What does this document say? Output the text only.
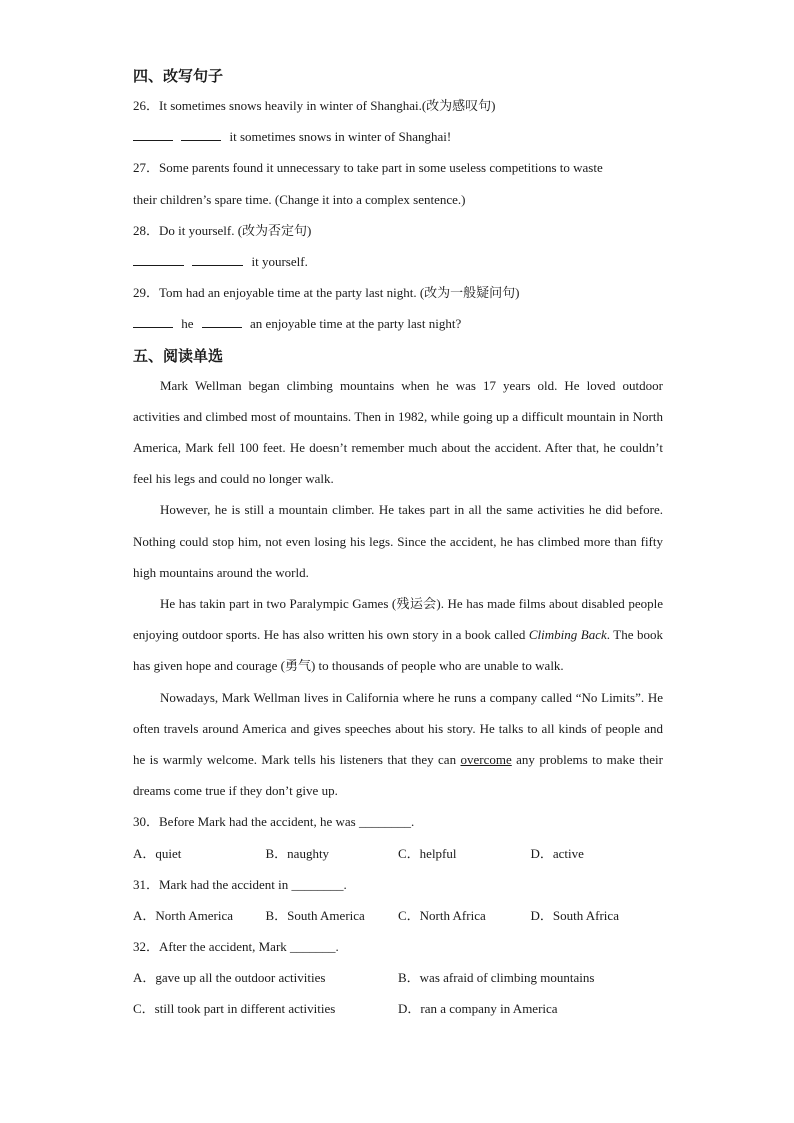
四、改写句子
26．It sometimes snows heavily in winter of Shanghai.(改为感叹句)
it sometimes snows in winter of Shanghai!
27．Some parents found it unnecessary to take part in some useless competitions to waste
their children’s spare time. (Change it into a complex sentence.)
28．Do it yourself. (改为否定句)
it yourself.
29．Tom had an enjoyable time at the party last night. (改为一般疑问句)
he	an enjoyable time at the party last night?
五、阅读单选

Mark Wellman began climbing mountains when he was 17 years old. He loved outdoor activities and climbed most of mountains. Then in 1982, while going up a difficult mountain in North America, Mark fell 100 feet. He doesn’t remember much about the accident. After that, he couldn’t feel his legs and could no longer walk.

However, he is still a mountain climber. He takes part in all the same activities he did before. Nothing could stop him, not even losing his legs. Since the accident, he has climbed more than fifty high mountains around the world.

He has takin part in two Paralympic Games (残运会). He has made films about disabled people enjoying outdoor sports. He has also written his own story in a book called Climbing Back. The book has given hope and courage (勇气) to thousands of people who are unable to walk.

Nowadays, Mark Wellman lives in California where he runs a company called “No Limits”. He often travels around America and gives speeches about his story. He talks to all kinds of people and he is warmly welcome. Mark tells his listeners that they can overcome any problems to make their dreams come true if they don’t give up.

30．Before Mark had the accident, he was ________.
A．quiet	B．naughty	C．helpful	D．active
31．Mark had the accident in ________.
A．North America	B．South America	C．North Africa	D．South Africa
32．After the accident, Mark _______.
A．gave up all the outdoor activities	B．was afraid of climbing mountains
C．still took part in different activities	D．ran a company in America
